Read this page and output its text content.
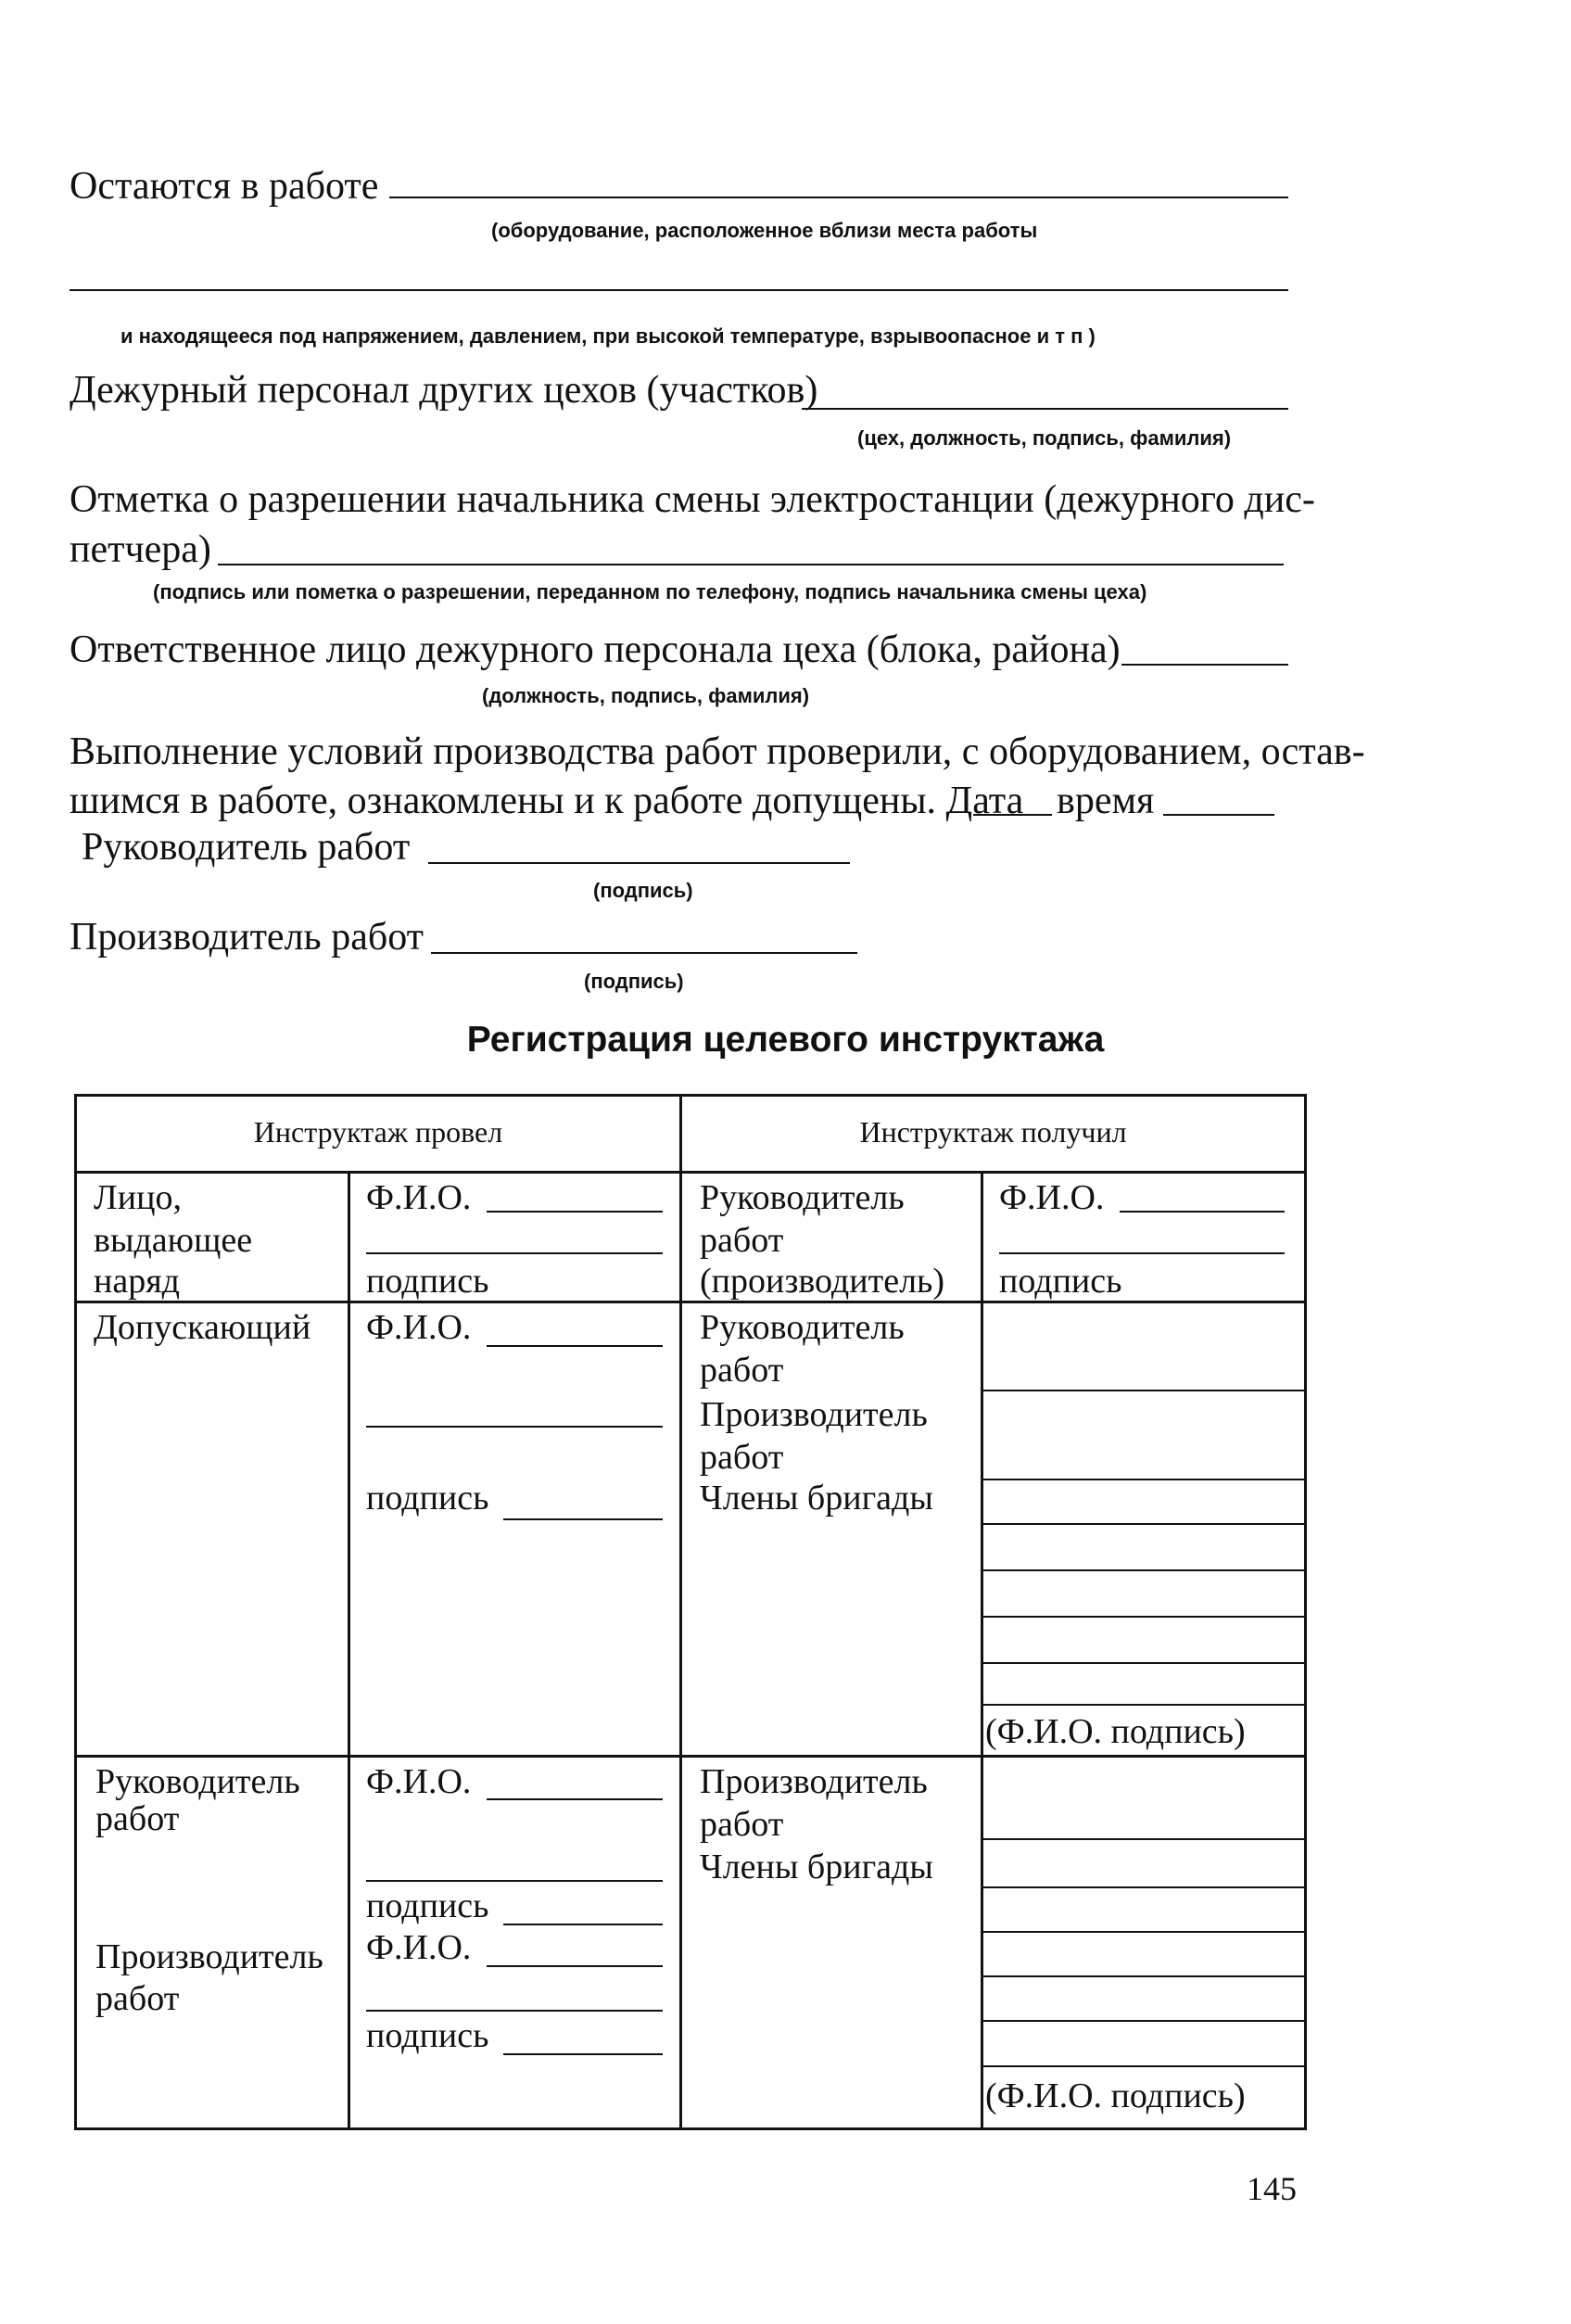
Остаются в работе
(оборудование, расположенное вблизи места работы
и находящееся под напряжением, давлением, при высокой температуре, взрывоопасное и т п )
Дежурный персонал других цехов (участков)
(цех, должность, подпись, фамилия)
Отметка о разрешении начальника смены электростанции (дежурного дис-
петчера)
(подпись или пометка о разрешении, переданном по телефону, подпись начальника смены цеха)
Ответственное лицо дежурного персонала цеха (блока, района)
(должность, подпись, фамилия)
Выполнение условий производства работ проверили, с оборудованием, остав-
шимся в работе, ознакомлены и к работе допущены. Дата время
Руководитель работ
(подпись)
Производитель работ
(подпись)
Регистрация целевого инструктажа
Инструктаж провел	Инструктаж получил
Лицо,
выдающее
наряд
Ф.И.О.
подпись
Руководитель
работ
(производитель)
Ф.И.О.
подпись
Допускающий Ф.И.О.
подпись
Руководитель
работ
Производитель
работ
Члены бригады
(Ф.И.О. подпись)
Руководитель
работ
Производитель
работ
Ф.И.О.
подпись
Ф.И.О.
подпись
Производитель
работ
Члены бригады
(Ф.И.О. подпись)
145
